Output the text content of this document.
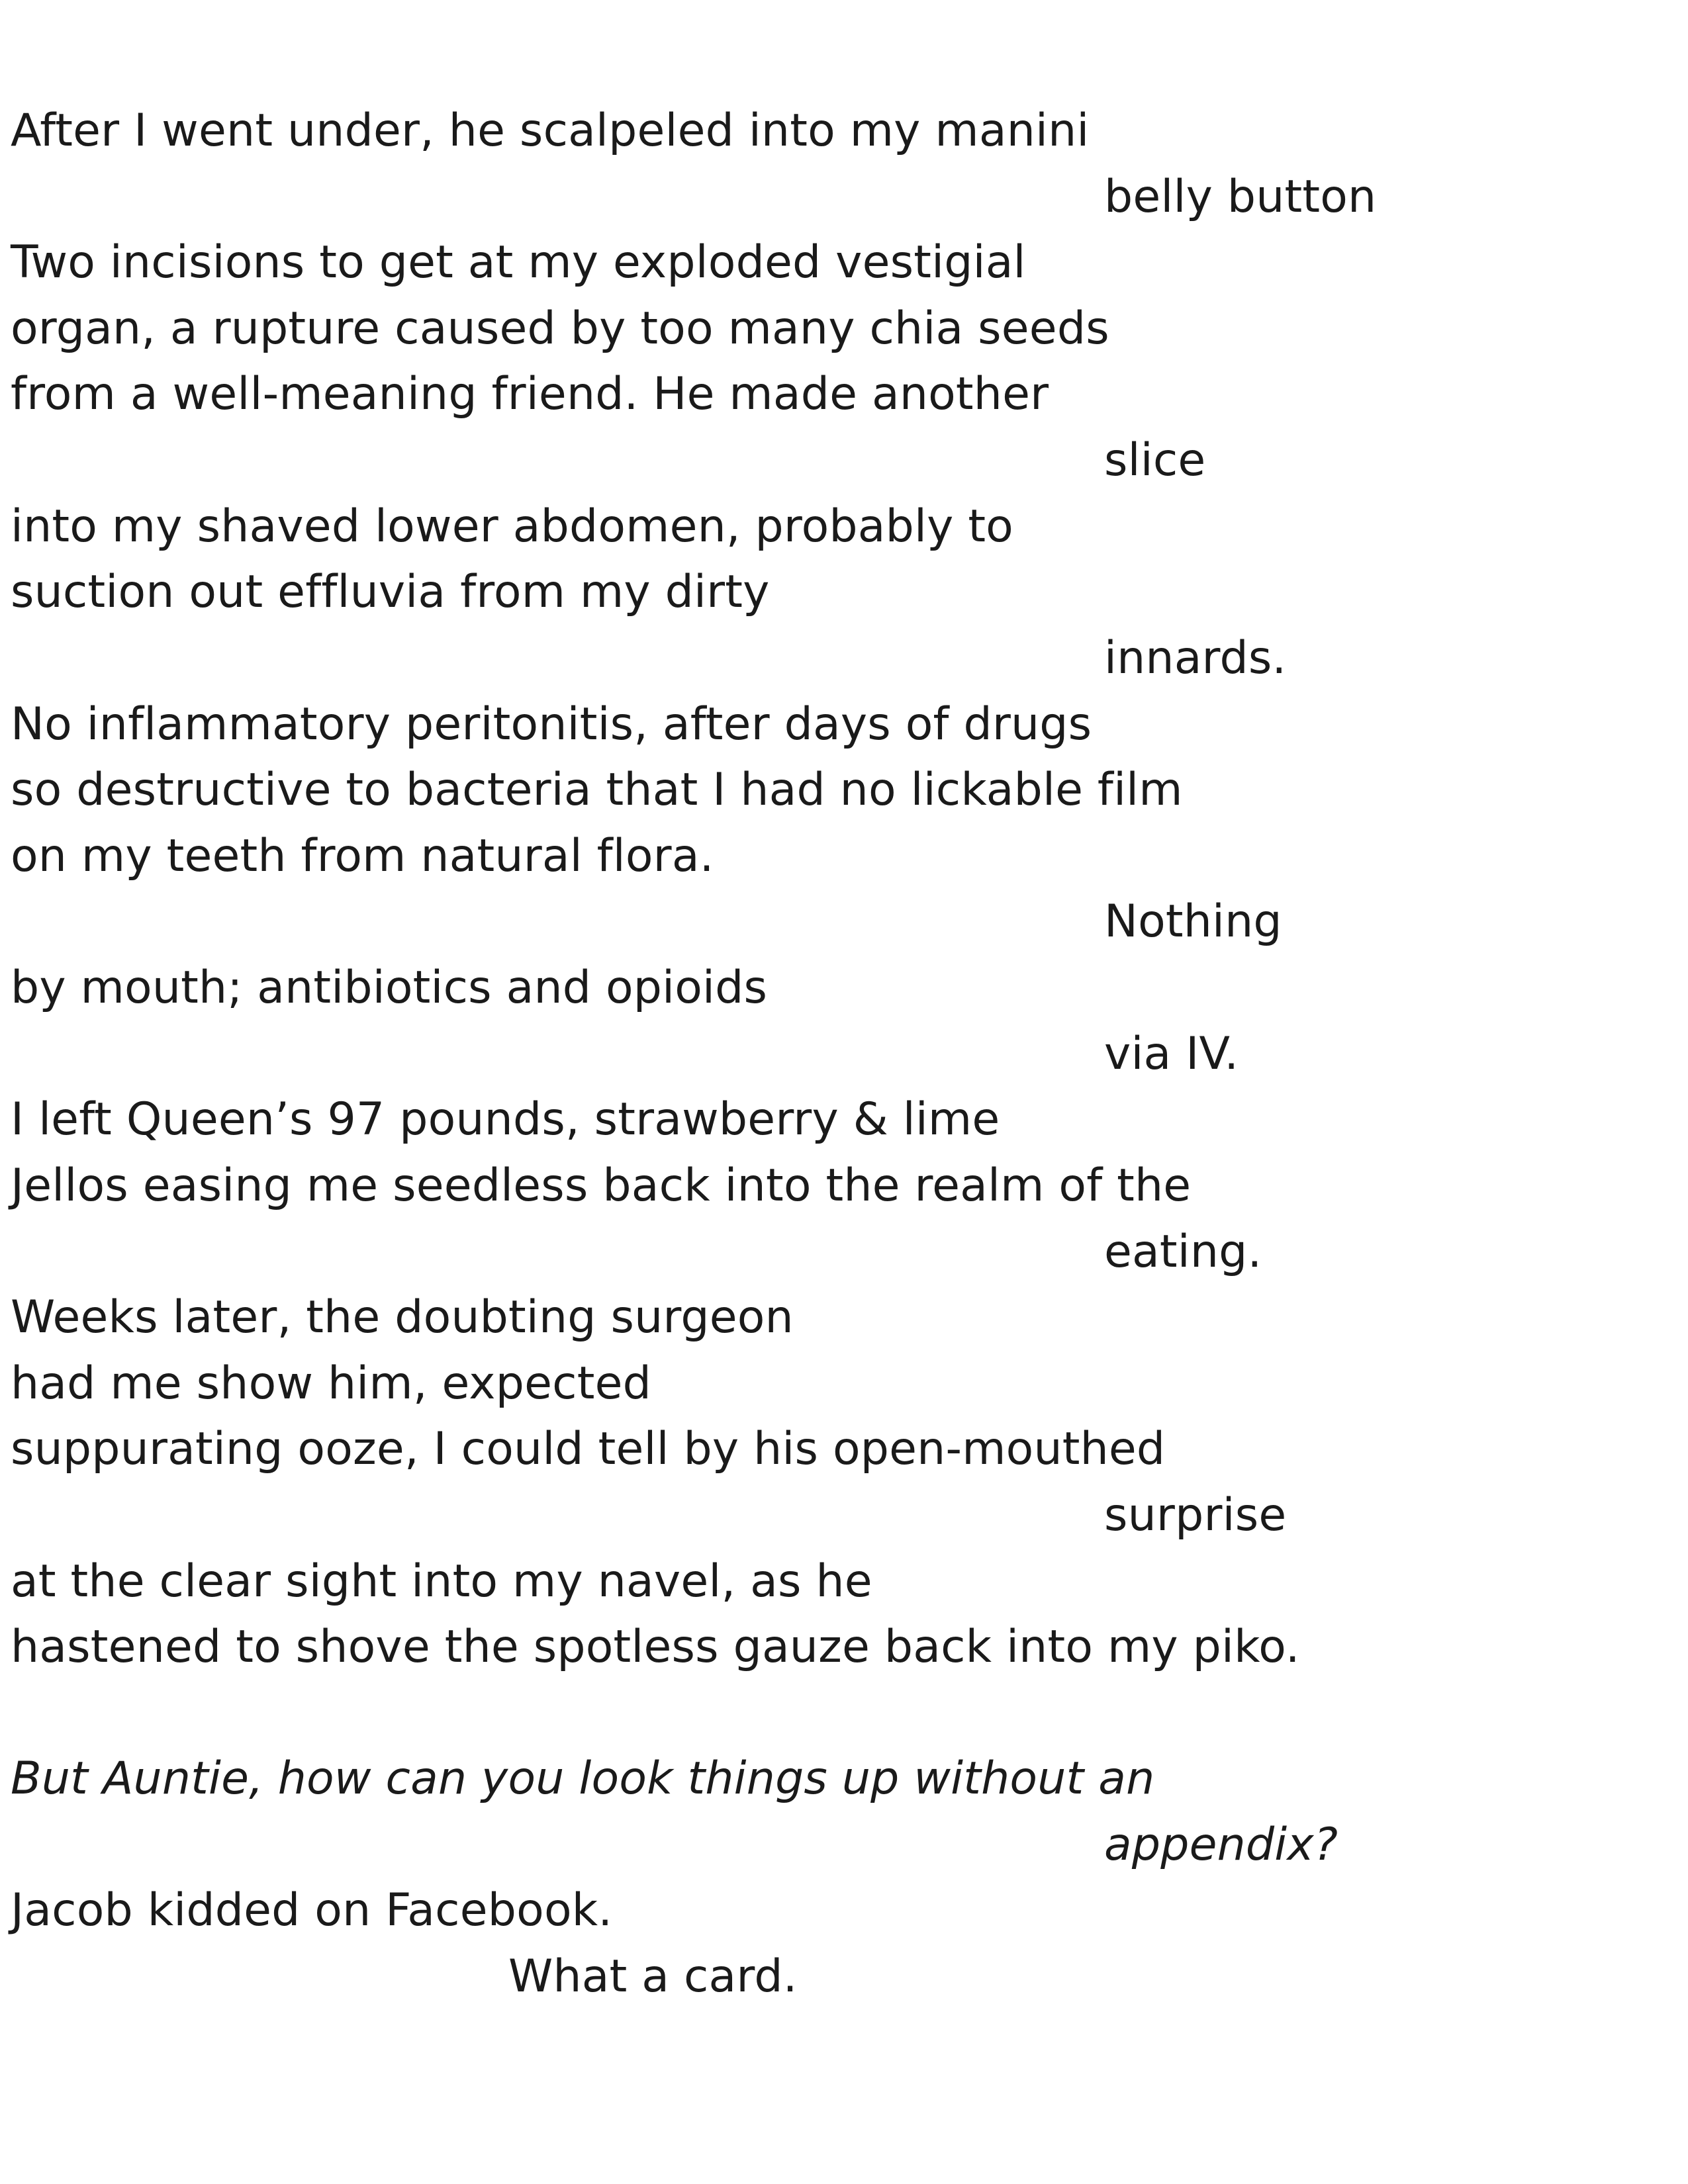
After I went under, he scalpeled into my manini
belly button
Two incisions to get at my exploded vestigial
organ, a rupture caused by too many chia seeds
from a well-meaning friend. He made another
slice
into my shaved lower abdomen, probably to
suction out effluvia from my dirty
innards.
No inflammatory peritonitis, after days of drugs
so destructive to bacteria that I had no lickable film
on my teeth from natural flora.
Nothing
by mouth; antibiotics and opioids
via IV.
I left Queen’s 97 pounds, strawberry & lime
Jellos easing me seedless back into the realm of the
eating.
Weeks later, the doubting surgeon
had me show him, expected
suppurating ooze, I could tell by his open-mouthed
surprise
at the clear sight into my navel, as he
hastened to shove the spotless gauze back into my piko.
But Auntie, how can you look things up without an
appendix?
Jacob kidded on Facebook.
What a card.
